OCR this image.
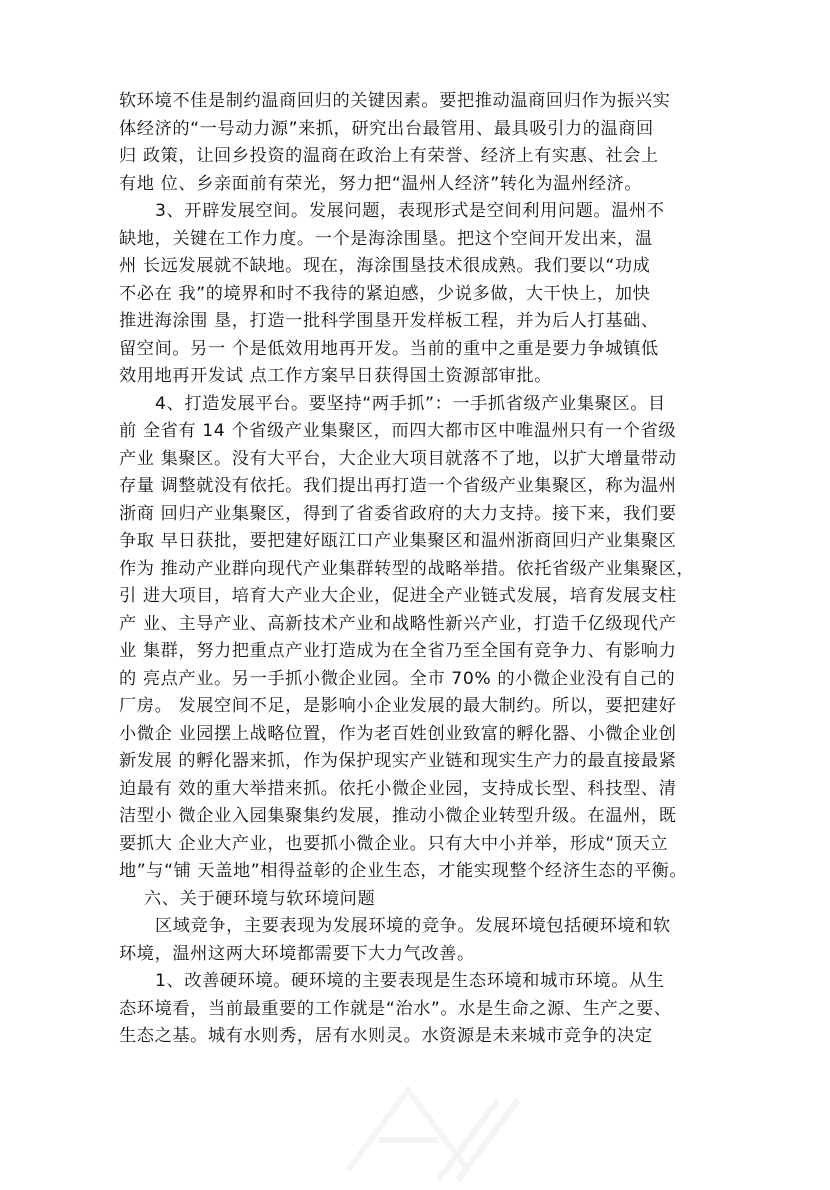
软环境不佳是制约温商回归的关键因素。要把推动温商回归作为振兴实
体经济的“一号动力源”来抓，研究出台最管用、最具吸引力的温商回
归 政策，让回乡投资的温商在政治上有荣誉、经济上有实惠、社会上
有地 位、乡亲面前有荣光，努力把“温州人经济”转化为温州经济。
3、开辟发展空间。发展问题，表现形式是空间利用问题。温州不
缺地，关键在工作力度。一个是海涂围垦。把这个空间开发出来，温
州 长远发展就不缺地。现在，海涂围垦技术很成熟。我们要以“功成
不必在 我”的境界和时不我待的紧迫感，少说多做，大干快上，加快
推进海涂围 垦，打造一批科学围垦开发样板工程，并为后人打基础、
留空间。另一 个是低效用地再开发。当前的重中之重是要力争城镇低
效用地再开发试 点工作方案早日获得国土资源部审批。
4、打造发展平台。要坚持“两手抓”：一手抓省级产业集聚区。目
前 全省有 14 个省级产业集聚区，而四大都市区中唯温州只有一个省级
产业 集聚区。没有大平台，大企业大项目就落不了地，以扩大增量带动
存量 调整就没有依托。我们提出再打造一个省级产业集聚区，称为温州
浙商 回归产业集聚区，得到了省委省政府的大力支持。接下来，我们要
争取 早日获批，要把建好瓯江口产业集聚区和温州浙商回归产业集聚区
作为 推动产业群向现代产业集群转型的战略举措。依托省级产业集聚区，
引 进大项目，培育大产业大企业，促进全产业链式发展，培育发展支柱
产 业、主导产业、高新技术产业和战略性新兴产业，打造千亿级现代产
业 集群，努力把重点产业打造成为在全省乃至全国有竞争力、有影响力
的 亮点产业。另一手抓小微企业园。全市 70% 的小微企业没有自己的
厂房。 发展空间不足，是影响小企业发展的最大制约。所以，要把建好
小微企 业园摆上战略位置，作为老百姓创业致富的孵化器、小微企业创
新发展 的孵化器来抓，作为保护现实产业链和现实生产力的最直接最紧
迫最有 效的重大举措来抓。依托小微企业园，支持成长型、科技型、清
洁型小 微企业入园集聚集约发展，推动小微企业转型升级。在温州，既
要抓大 企业大产业，也要抓小微企业。只有大中小并举，形成“顶天立
地”与“铺 天盖地”相得益彰的企业生态，才能实现整个经济生态的平衡。
六、关于硬环境与软环境问题
区域竞争，主要表现为发展环境的竞争。发展环境包括硬环境和软
环境，温州这两大环境都需要下大力气改善。
1、改善硬环境。硬环境的主要表现是生态环境和城市环境。从生
态环境看，当前最重要的工作就是“治水”。水是生命之源、生产之要、
生态之基。城有水则秀，居有水则灵。水资源是未来城市竞争的决定
